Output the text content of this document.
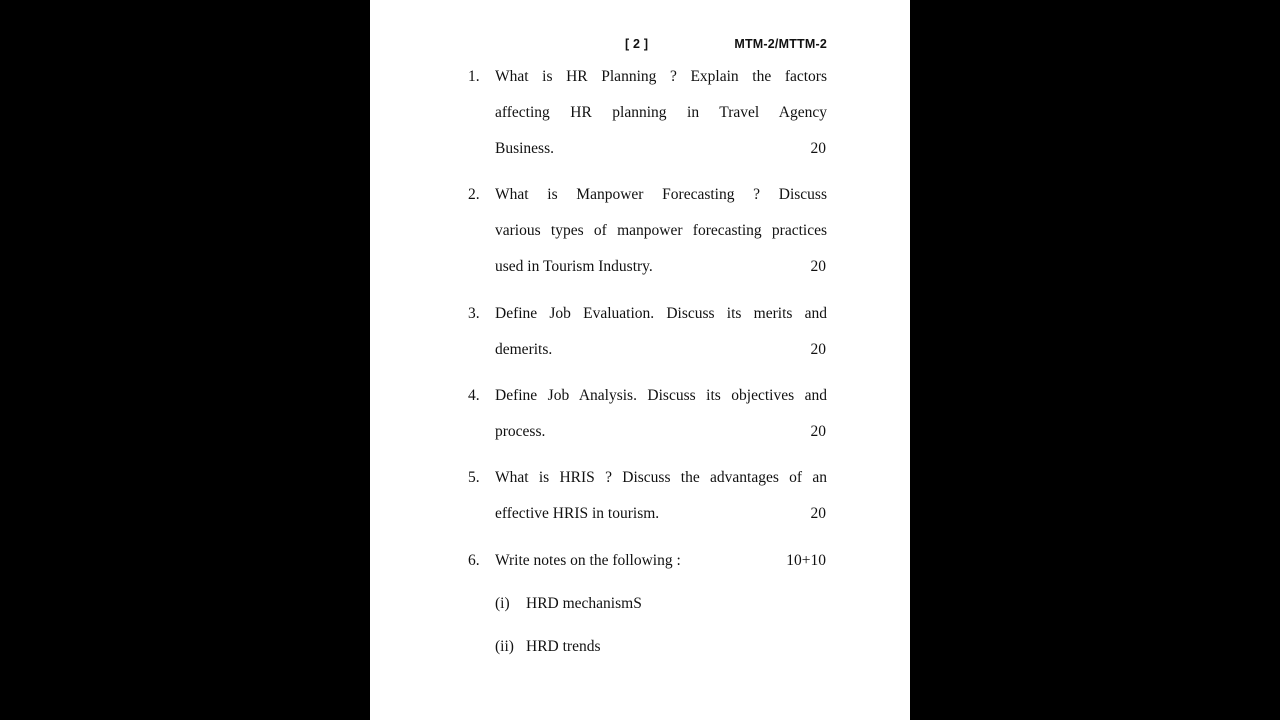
[ 2 ]	MTM-2/MTTM-2
1. What is HR Planning ? Explain the factors
affecting HR planning in Travel Agency
Business.	20
2. What is Manpower Forecasting ? Discuss
various types of manpower forecasting practices
used in Tourism Industry.	20
3. Define Job Evaluation. Discuss its merits and
demerits.	20
4. Define Job Analysis. Discuss its objectives and
process.	20
5. What is HRIS ? Discuss the advantages of an
effective HRIS in tourism.	20
6. Write notes on the following :	10+10
(i) HRD mechanismS
(ii) HRD trends
